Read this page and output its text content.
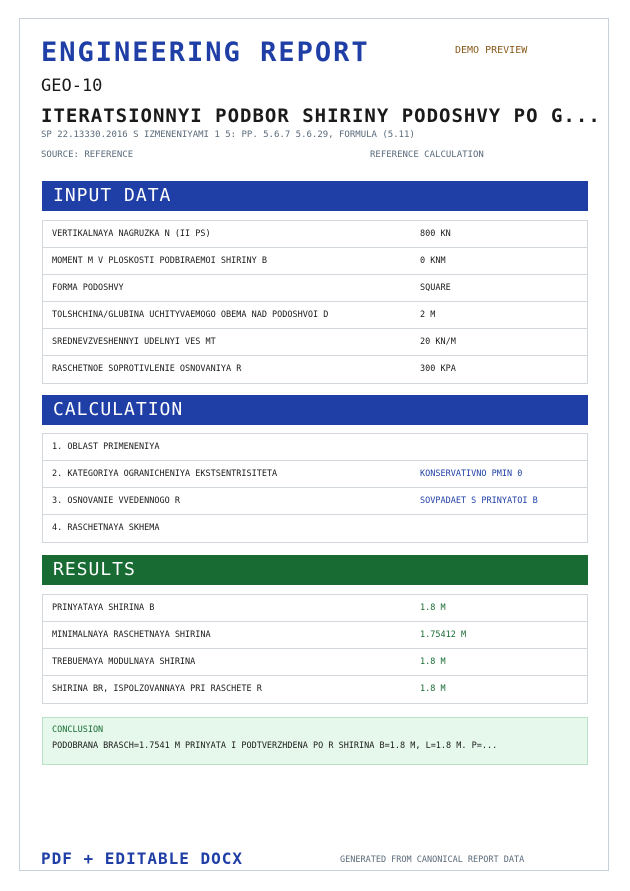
ENGINEERING REPORT	DEMO PREVIEW
GEO-10
ITERATSIONNYI PODBOR SHIRINY PODOSHVY PO G...
SP 22.13330.2016 S IZMENENIYAMI 1 5: PP. 5.6.7 5.6.29, FORMULA (5.11)
SOURCE: REFERENCE	REFERENCE CALCULATION
INPUT DATA
VERTIKALNAYA NAGRUZKA N (II PS)	800 KN
MOMENT M V PLOSKOSTI PODBIRAEMOI SHIRINY B	0 KNM
FORMA PODOSHVY	SQUARE
TOLSHCHINA/GLUBINA UCHITYVAEMOGO OBEMA NAD PODOSHVOI D	2 M
SREDNEVZVESHENNYI UDELNYI VES MT	20 KN/M
RASCHETNOE SOPROTIVLENIE OSNOVANIYA R	300 KPA
CALCULATION
1. OBLAST PRIMENENIYA
2. KATEGORIYA OGRANICHENIYA EKSTSENTRISITETA	KONSERVATIVNO PMIN 0
3. OSNOVANIE VVEDENNOGO R	SOVPADAET S PRINYATOI B
4. RASCHETNAYA SKHEMA
RESULTS
PRINYATAYA SHIRINA B	1.8 M
MINIMALNAYA RASCHETNAYA SHIRINA	1.75412 M
TREBUEMAYA MODULNAYA SHIRINA	1.8 M
SHIRINA BR, ISPOLZOVANNAYA PRI RASCHETE R	1.8 M
CONCLUSION
PODOBRANA BRASCH=1.7541 M PRINYATA I PODTVERZHDENA PO R SHIRINA B=1.8 M, L=1.8 M. P=...
PDF + EDITABLE DOCX	GENERATED FROM CANONICAL REPORT DATA
